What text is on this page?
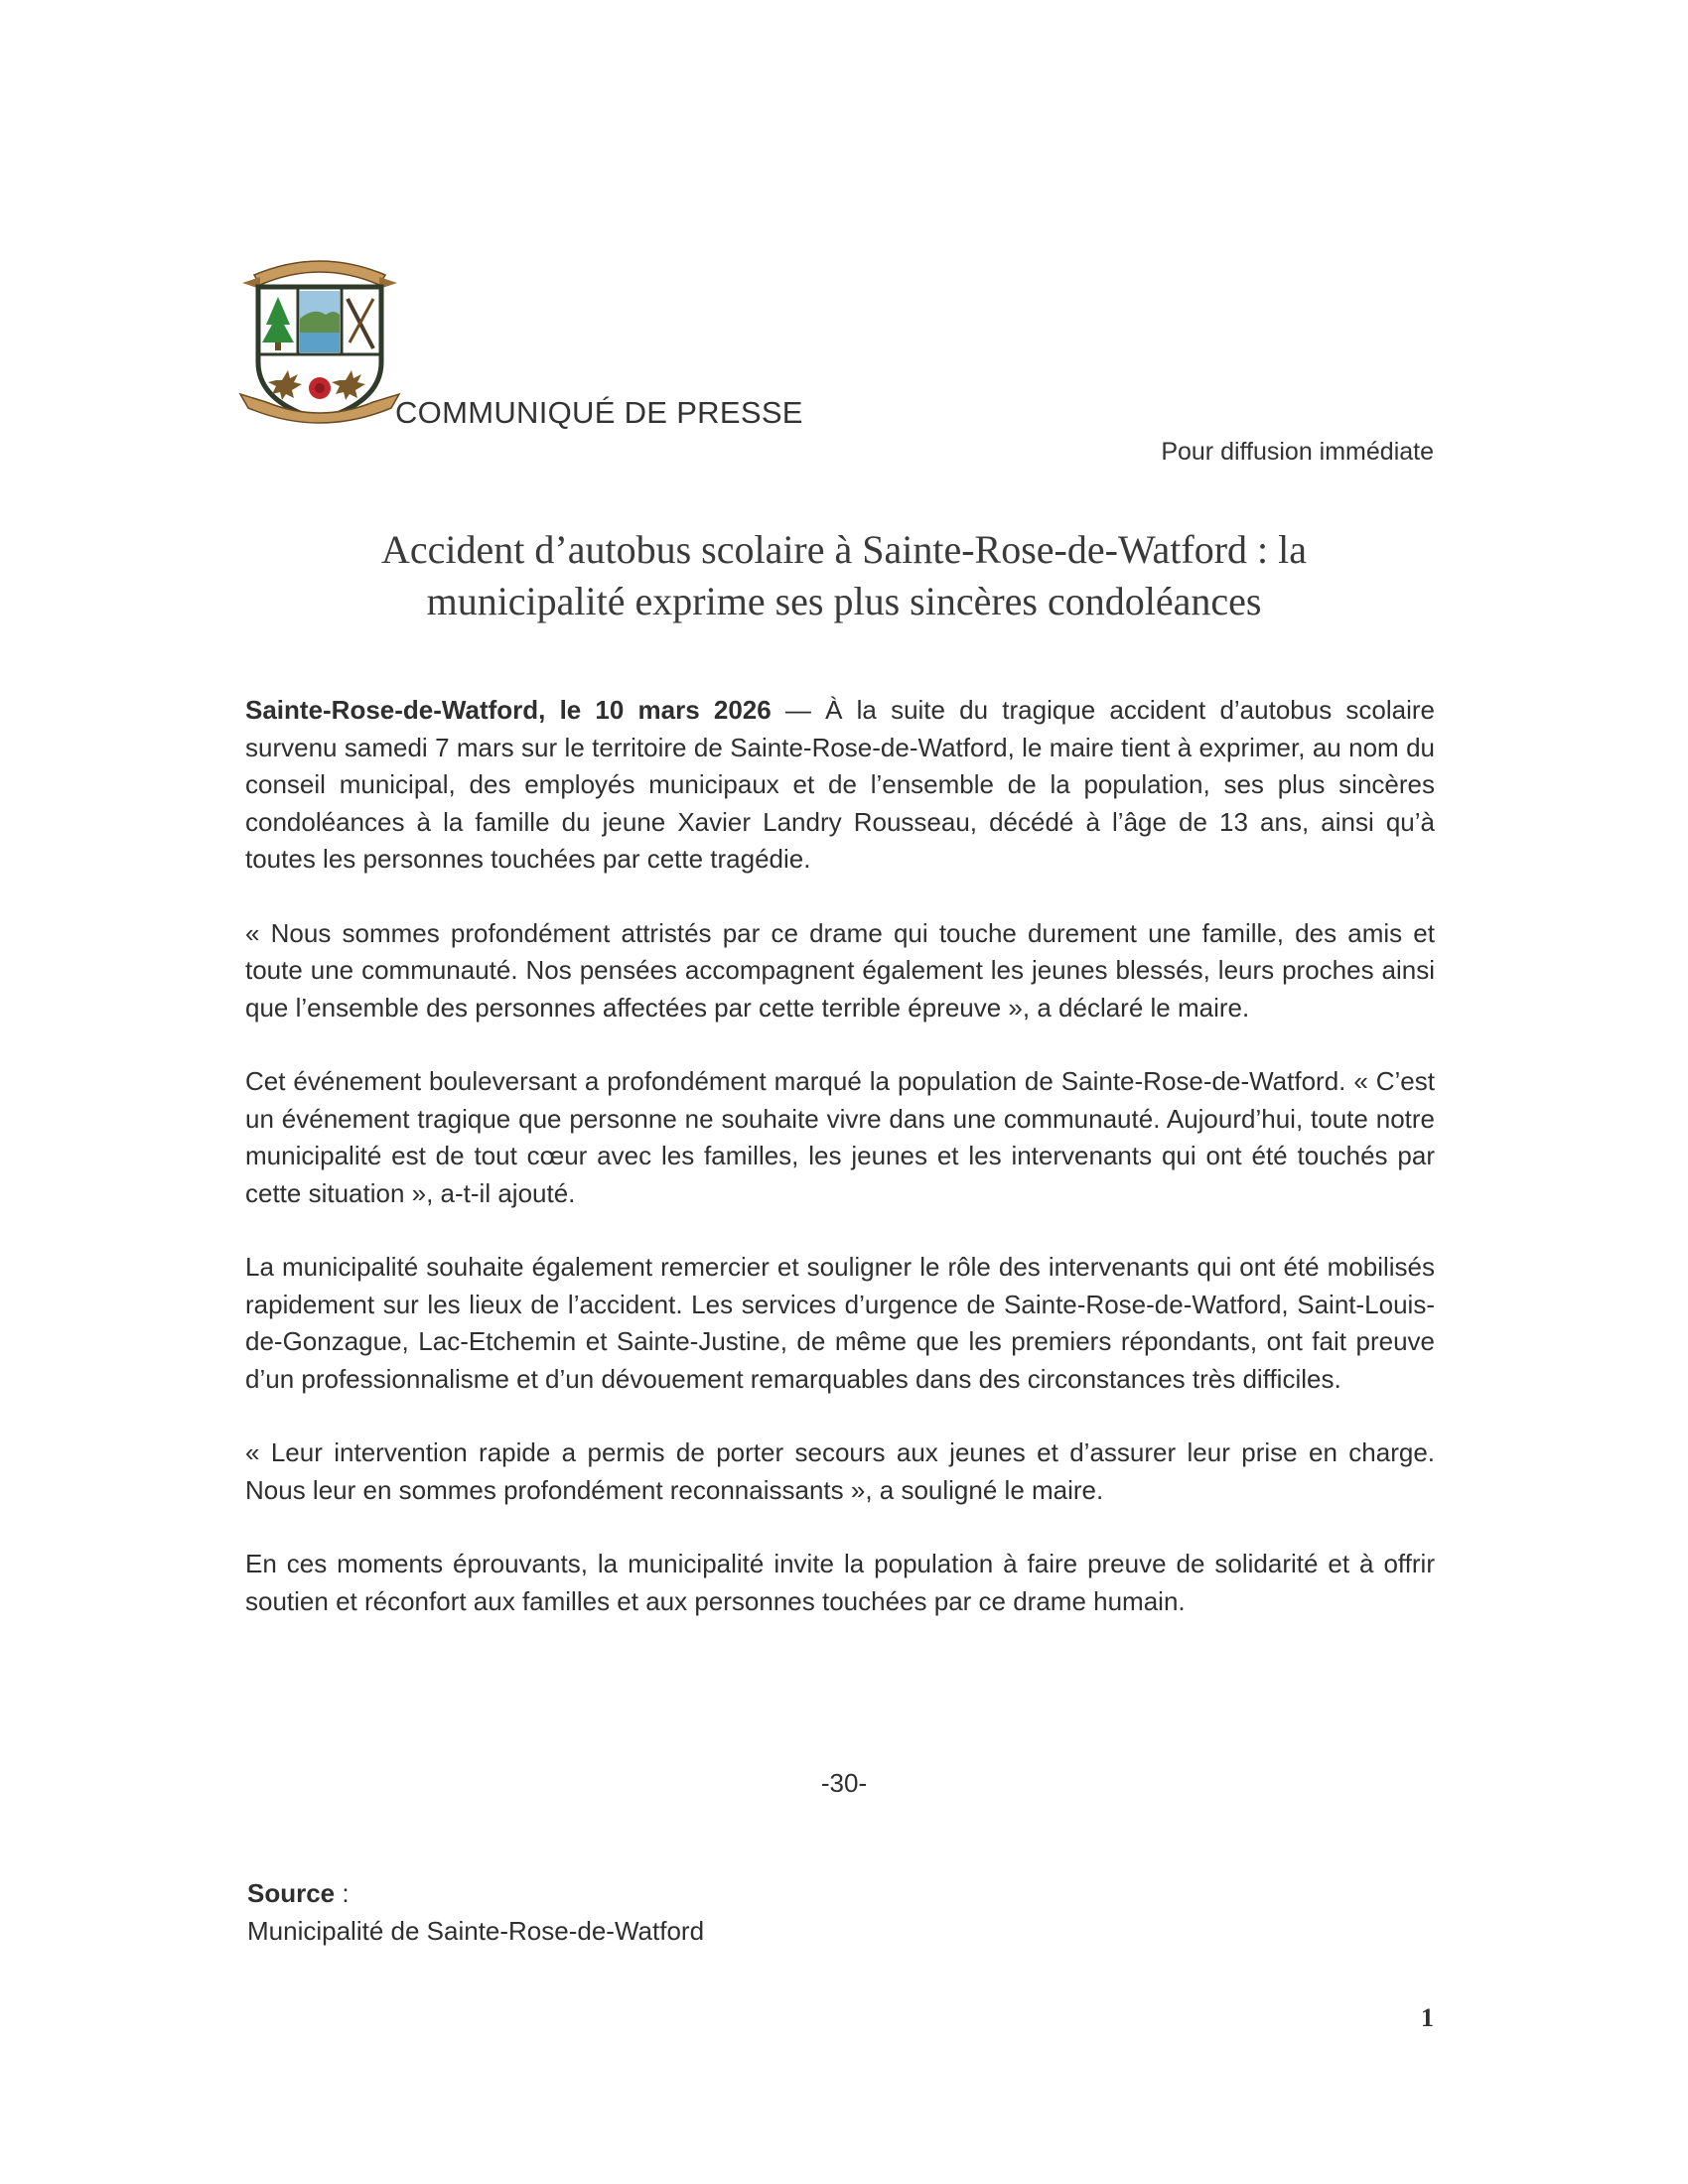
COMMUNIQUÉ DE PRESSE
Pour diffusion immédiate
Accident d’autobus scolaire à Sainte-Rose-de-Watford : la municipalité exprime ses plus sincères condoléances

Sainte-Rose-de-Watford, le 10 mars 2026 — À la suite du tragique accident d’autobus scolaire survenu samedi 7 mars sur le territoire de Sainte-Rose-de-Watford, le maire tient à exprimer, au nom du conseil municipal, des employés municipaux et de l’ensemble de la population, ses plus sincères condoléances à la famille du jeune Xavier Landry Rousseau, décédé à l’âge de 13 ans, ainsi qu’à toutes les personnes touchées par cette tragédie.

« Nous sommes profondément attristés par ce drame qui touche durement une famille, des amis et toute une communauté. Nos pensées accompagnent également les jeunes blessés, leurs proches ainsi que l’ensemble des personnes affectées par cette terrible épreuve », a déclaré le maire.

Cet événement bouleversant a profondément marqué la population de Sainte-Rose-de-Watford. « C’est un événement tragique que personne ne souhaite vivre dans une communauté. Aujourd’hui, toute notre municipalité est de tout cœur avec les familles, les jeunes et les intervenants qui ont été touchés par cette situation », a-t-il ajouté.

La municipalité souhaite également remercier et souligner le rôle des intervenants qui ont été mobilisés rapidement sur les lieux de l’accident. Les services d’urgence de Sainte-Rose-de-Watford, Saint-Louis-de-Gonzague, Lac-Etchemin et Sainte-Justine, de même que les premiers répondants, ont fait preuve d’un professionnalisme et d’un dévouement remarquables dans des circonstances très difficiles.

« Leur intervention rapide a permis de porter secours aux jeunes et d’assurer leur prise en charge. Nous leur en sommes profondément reconnaissants », a souligné le maire.

En ces moments éprouvants, la municipalité invite la population à faire preuve de solidarité et à offrir soutien et réconfort aux familles et aux personnes touchées par ce drame humain.

-30-
Source :
Municipalité de Sainte-Rose-de-Watford
1
